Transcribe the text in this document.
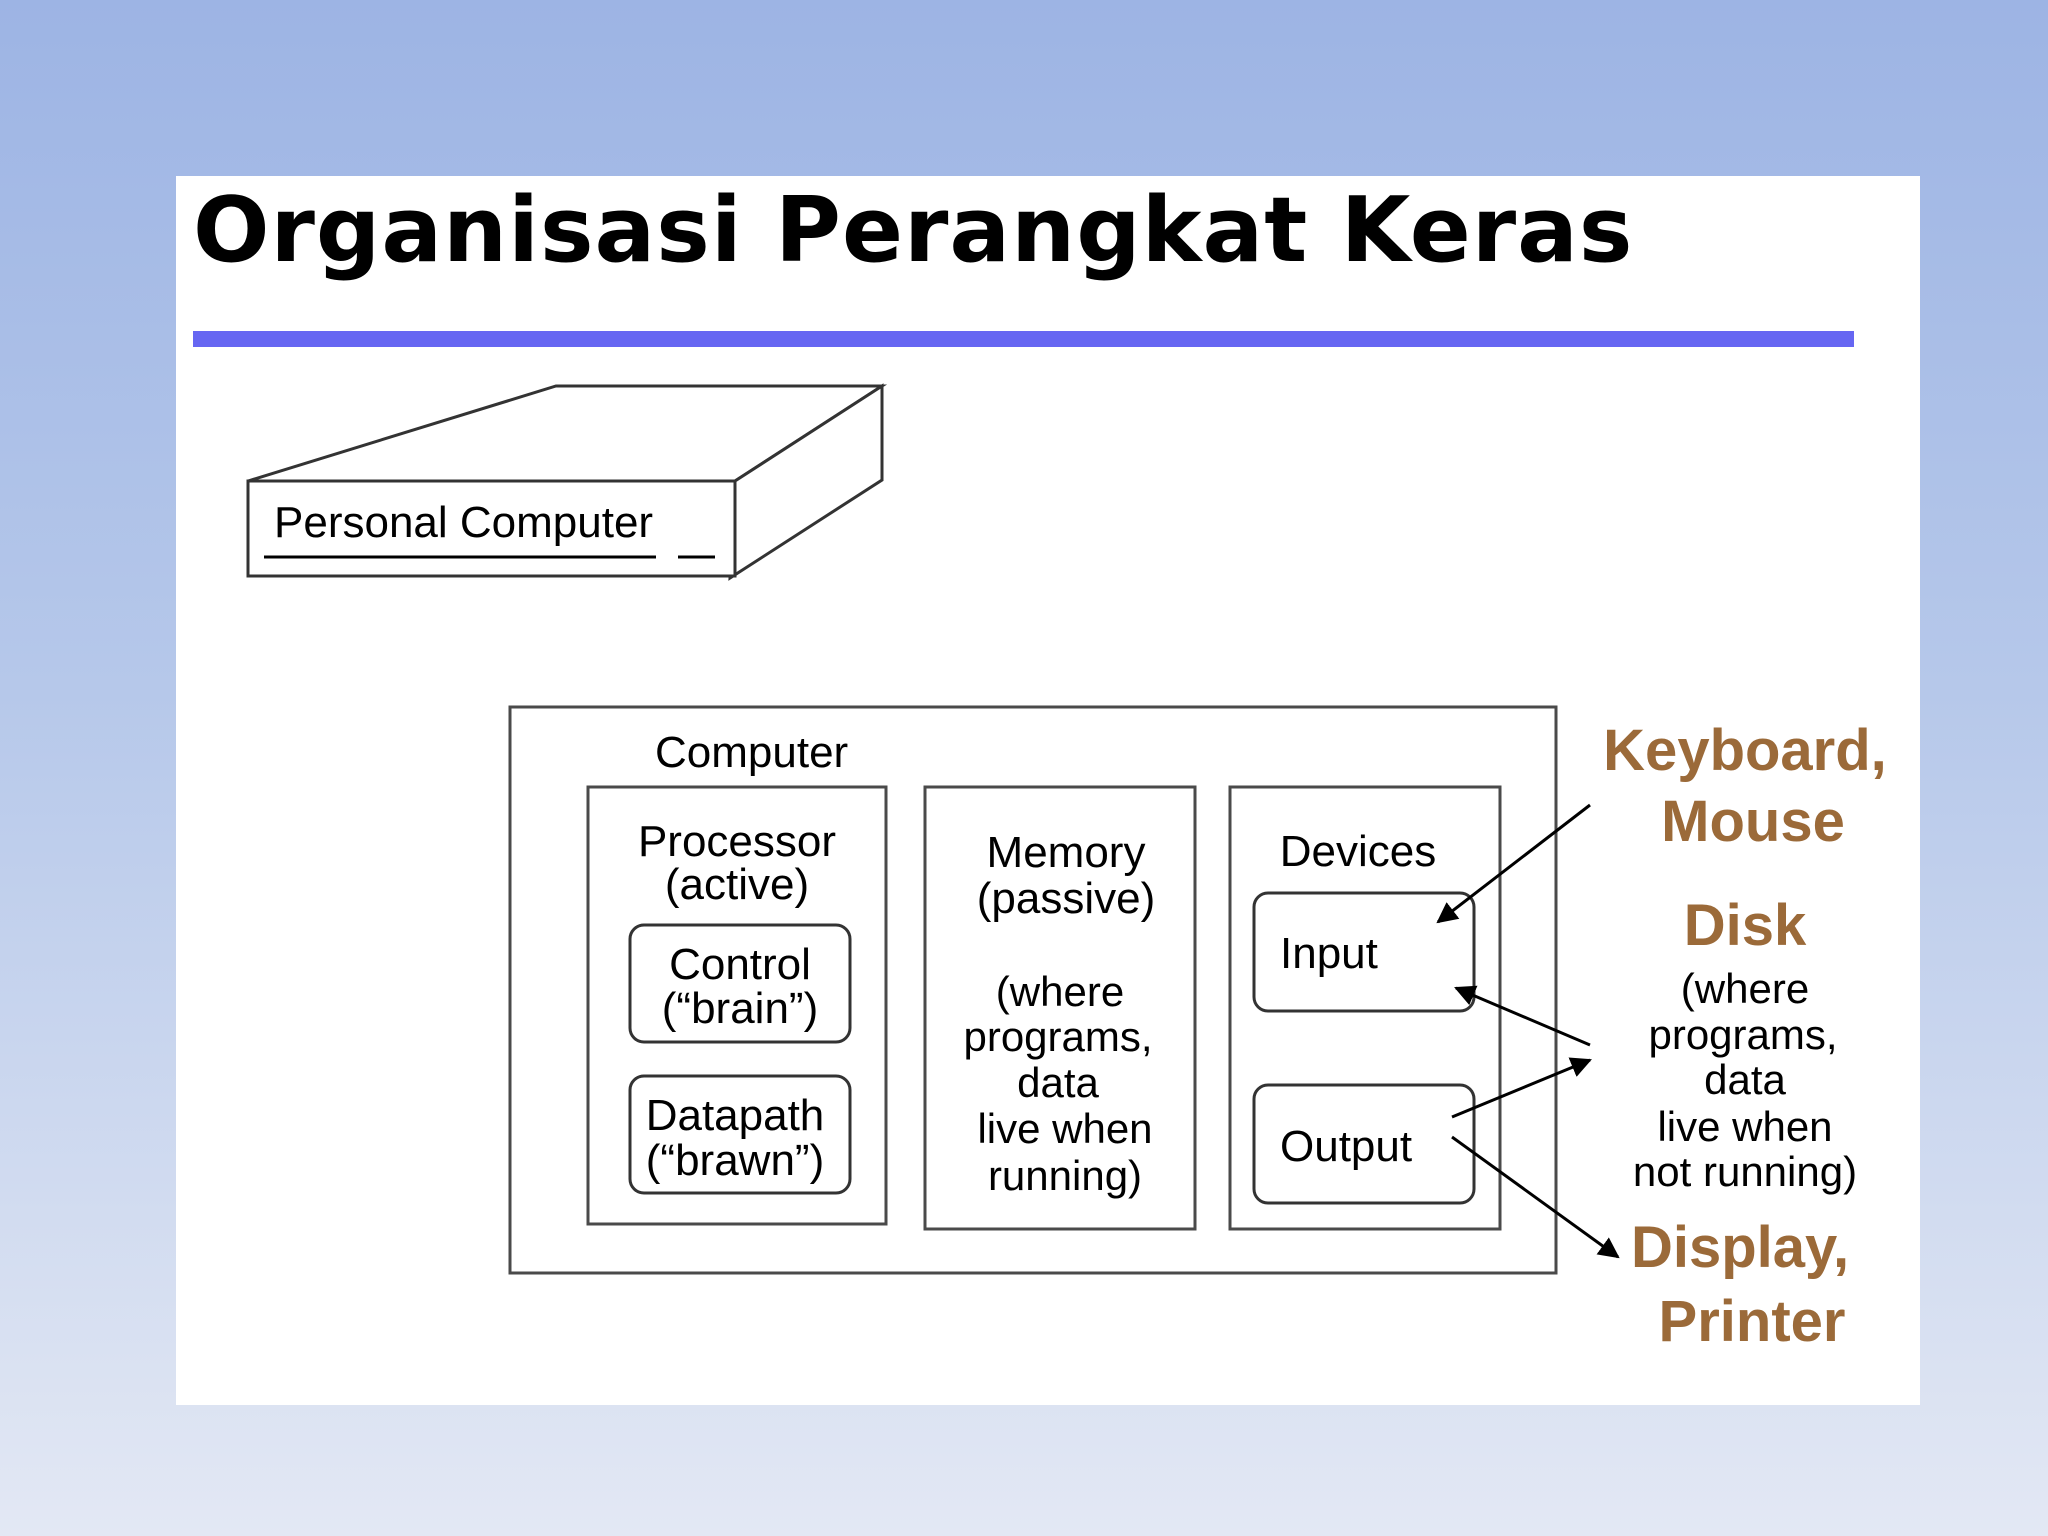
Organisasi Perangkat Keras
Personal Computer
Computer
Processor
(active)
Control
(“brain”)
Datapath
(“brawn”)
Memory
(passive)
(where
programs,
data
live when
running)
Devices
Input
Output
Keyboard,
Mouse
Disk
(where
programs,
data
live when
not running)
Display,
Printer
